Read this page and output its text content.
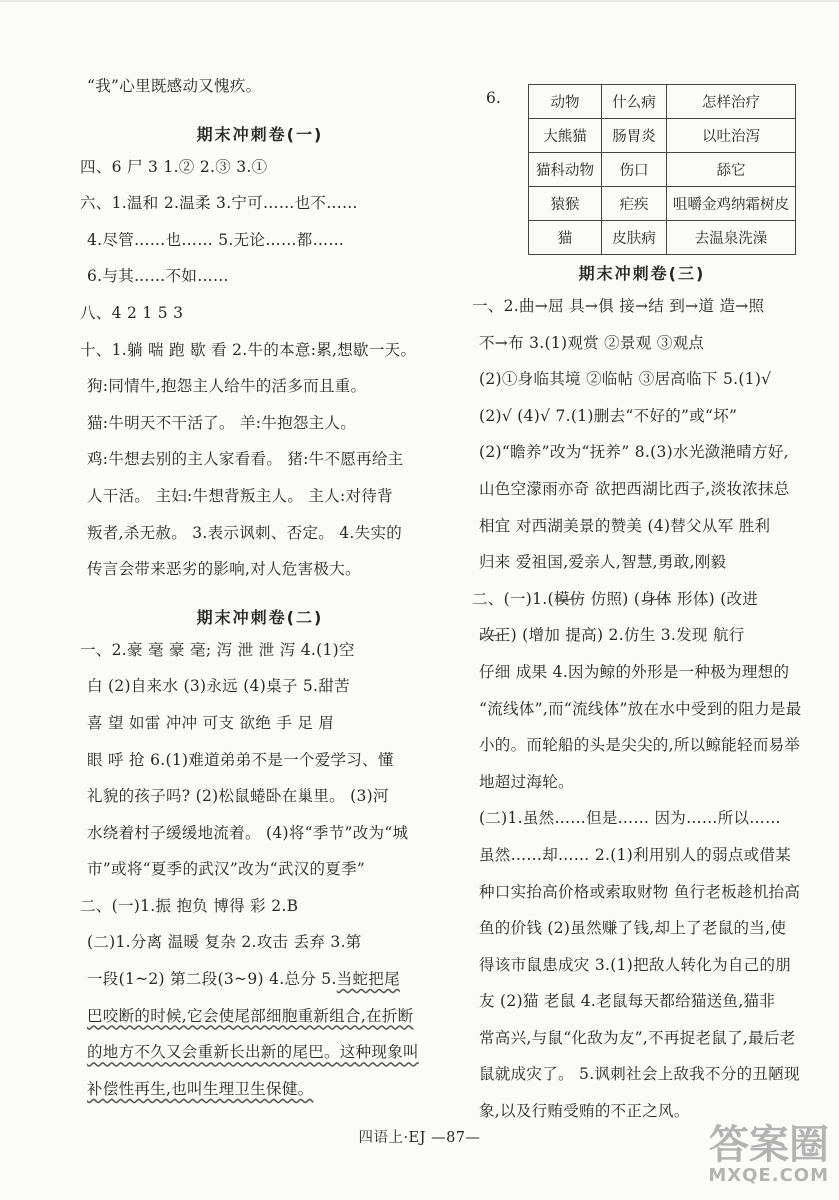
“我”心里既感动又愧疚。
期末冲刺卷(一)
四、6 尸 3 1.② 2.③ 3.①
六、1.温和 2.温柔 3.宁可……也不……
4.尽管……也…… 5.无论……都……
6.与其……不如……
八、4 2 1 5 3
十、1.躺 喘 跑 歇 看 2.牛的本意:累,想歇一天。
狗:同情牛,抱怨主人给牛的活多而且重。
猫:牛明天不干活了。 羊:牛抱怨主人。
鸡:牛想去别的主人家看看。 猪:牛不愿再给主
人干活。 主妇:牛想背叛主人。 主人:对待背
叛者,杀无赦。 3.表示讽刺、否定。 4.失实的
传言会带来恶劣的影响,对人危害极大。
期末冲刺卷(二)
一、2.豪 毫 豪 毫; 泻 泄 泄 泻 4.(1)空
白 (2)自来水 (3)永远 (4)桌子 5.甜苦
喜 望 如雷 冲冲 可支 欲绝 手 足 眉
眼 呼 抢 6.(1)难道弟弟不是一个爱学习、懂
礼貌的孩子吗? (2)松鼠蜷卧在巢里。 (3)河
水绕着村子缓缓地流着。 (4)将“季节”改为“城
市”或将“夏季的武汉”改为“武汉的夏季”
二、(一)1.振 抱负 博得 彩 2.B
(二)1.分离 温暖 复杂 2.攻击 丢弃 3.第
一段(1~2) 第二段(3~9) 4.总分 5.当蛇把尾
巴咬断的时候,它会使尾部细胞重新组合,在折断
的地方不久又会重新长出新的尾巴。这种现象叫
补偿性再生,也叫生理卫生保健。
6.	动物	什么病	怎样治疗
大熊猫	肠胃炎	以吐治泻
猫科动物	伤口	舔它
猿猴	疟疾	咀嚼金鸡纳霜树皮
猫	皮肤病	去温泉洗澡
期末冲刺卷(三)
一、2.曲→屈 具→俱 接→结 到→道 造→照
不→布 3.(1)观赏 ②景观 ③观点
(2)①身临其境 ②临帖 ③居高临下 5.(1)√
(2)√ (4)√ 7.(1)删去“不好的”或“坏”
(2)“瞻养”改为“抚养” 8.(3)水光潋滟晴方好,
山色空濛雨亦奇 欲把西湖比西子,淡妆浓抹总
相宜 对西湖美景的赞美 (4)替父从军 胜利
归来 爱祖国,爱亲人,智慧,勇敢,刚毅
二、(一)1.(模仿 仿照) (身体 形体) (改进
改正) (增加 提高) 2.仿生 3.发现 航行
仔细 成果 4.因为鲸的外形是一种极为理想的
“流线体”,而“流线体”放在水中受到的阻力是最
小的。而轮船的头是尖尖的,所以鲸能轻而易举
地超过海轮。
(二)1.虽然……但是…… 因为……所以……
虽然……却…… 2.(1)利用别人的弱点或借某
种口实抬高价格或索取财物 鱼行老板趁机抬高
鱼的价钱 (2)虽然赚了钱,却上了老鼠的当,使
得该市鼠患成灾 3.(1)把敌人转化为自己的朋
友 (2)猫 老鼠 4.老鼠每天都给猫送鱼,猫非
常高兴,与鼠“化敌为友”,不再捉老鼠了,最后老
鼠就成灾了。 5.讽刺社会上敌我不分的丑陋现
象,以及行贿受贿的不正之风。
四语上·EJ —87—	答案圈
MXQE.COM
